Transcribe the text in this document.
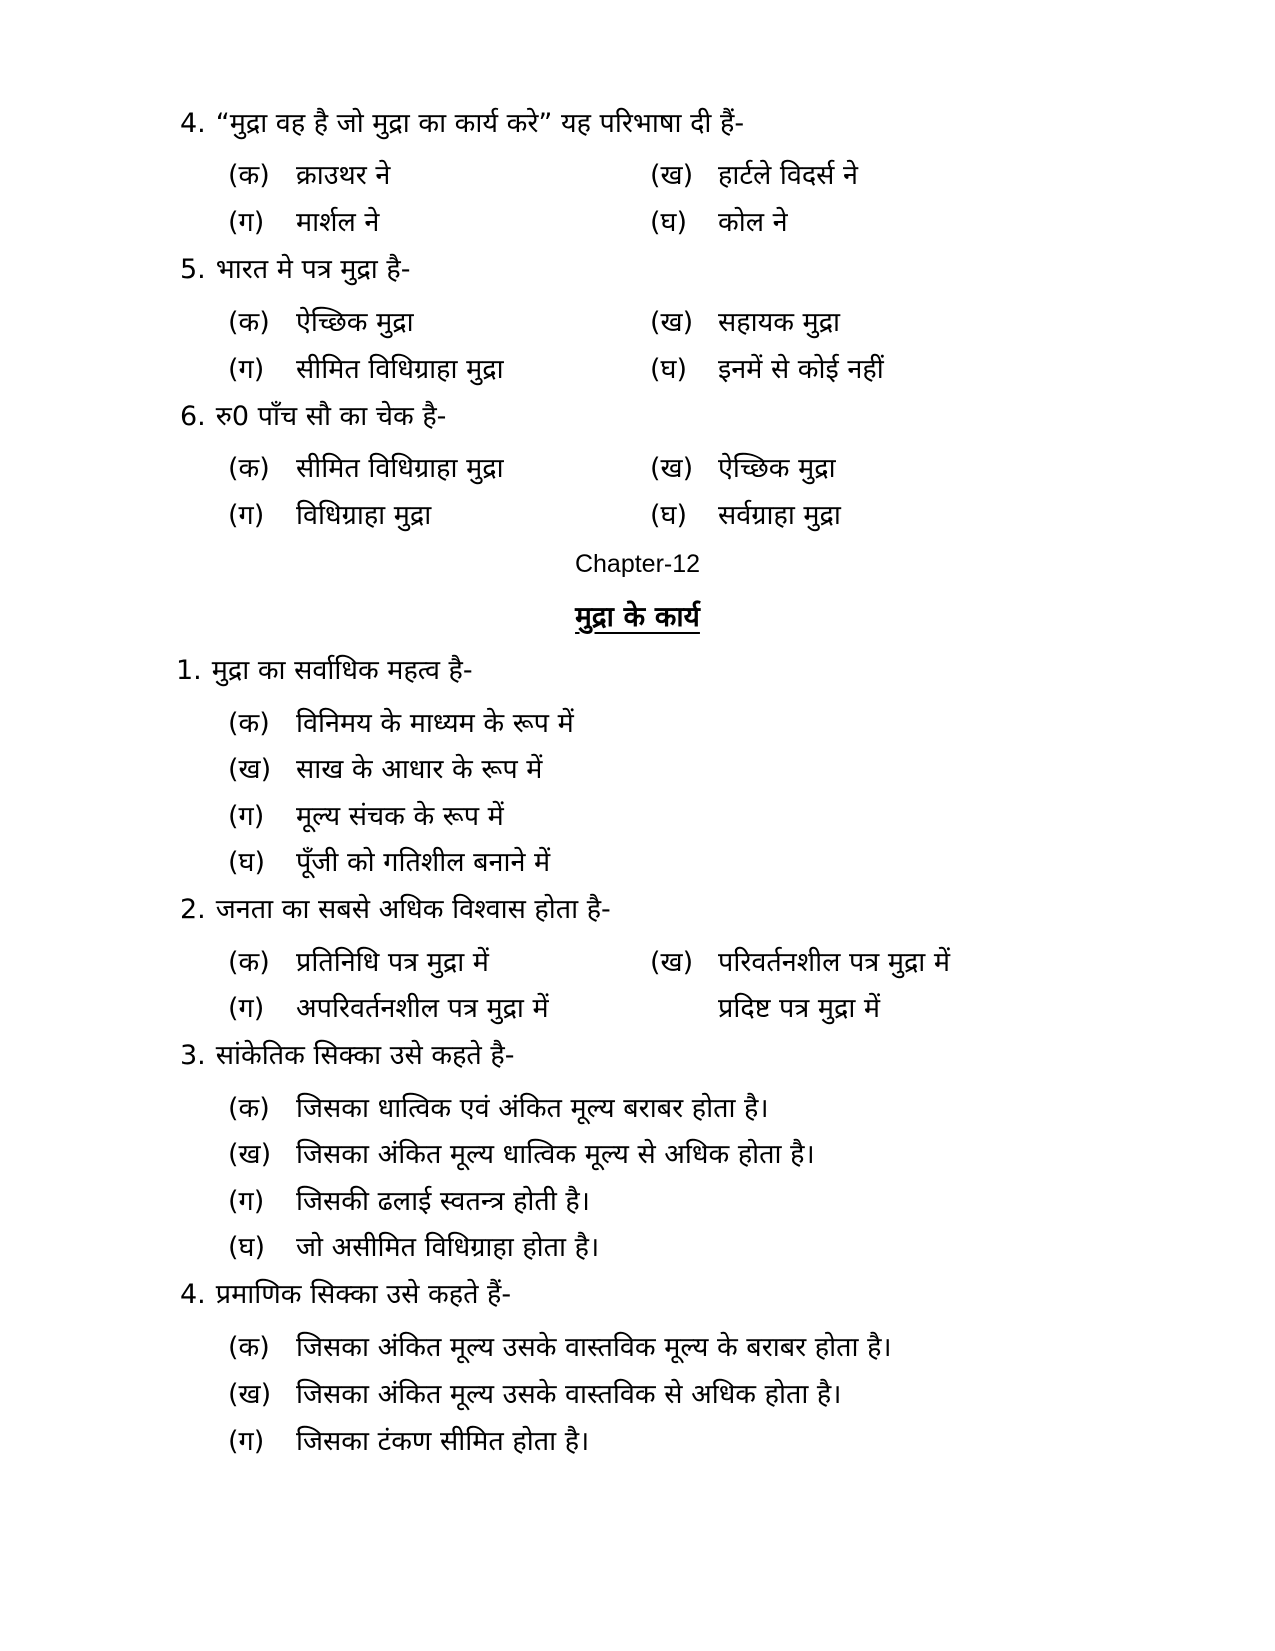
4. “मुद्रा वह है जो मुद्रा का कार्य करे” यह परिभाषा दी हैं-
(क) क्राउथर ने	(ख) हार्टले विदर्स ने
(ग) मार्शल ने	(घ) कोल ने
5. भारत मे पत्र मुद्रा है-
(क) ऐच्छिक मुद्रा	(ख) सहायक मुद्रा
(ग) सीमित विधिग्राहा मुद्रा	(घ) इनमें से कोई नहीं
6. रु0 पाँच सौ का चेक है-
(क) सीमित विधिग्राहा मुद्रा	(ख) ऐच्छिक मुद्रा
(ग) विधिग्राहा मुद्रा	(घ) सर्वग्राहा मुद्रा
Chapter-12
मुद्रा के कार्य
1. मुद्रा का सर्वाधिक महत्व है-
(क) विनिमय के माध्यम के रूप में
(ख) साख के आधार के रूप में
(ग) मूल्य संचक के रूप में
(घ) पूँजी को गतिशील बनाने में
2. जनता का सबसे अधिक विश्वास होता है-
(क) प्रतिनिधि पत्र मुद्रा में	(ख) परिवर्तनशील पत्र मुद्रा में
(ग) अपरिवर्तनशील पत्र मुद्रा में	प्रदिष्ट पत्र मुद्रा में
3. सांकेतिक सिक्का उसे कहते है-
(क) जिसका धात्विक एवं अंकित मूल्य बराबर होता है।
(ख) जिसका अंकित मूल्य धात्विक मूल्य से अधिक होता है।
(ग) जिसकी ढलाई स्वतन्त्र होती है।
(घ) जो असीमित विधिग्राहा होता है।
4. प्रमाणिक सिक्का उसे कहते हैं-
(क) जिसका अंकित मूल्य उसके वास्तविक मूल्य के बराबर होता है।
(ख) जिसका अंकित मूल्य उसके वास्तविक से अधिक होता है।
(ग) जिसका टंकण सीमित होता है।
